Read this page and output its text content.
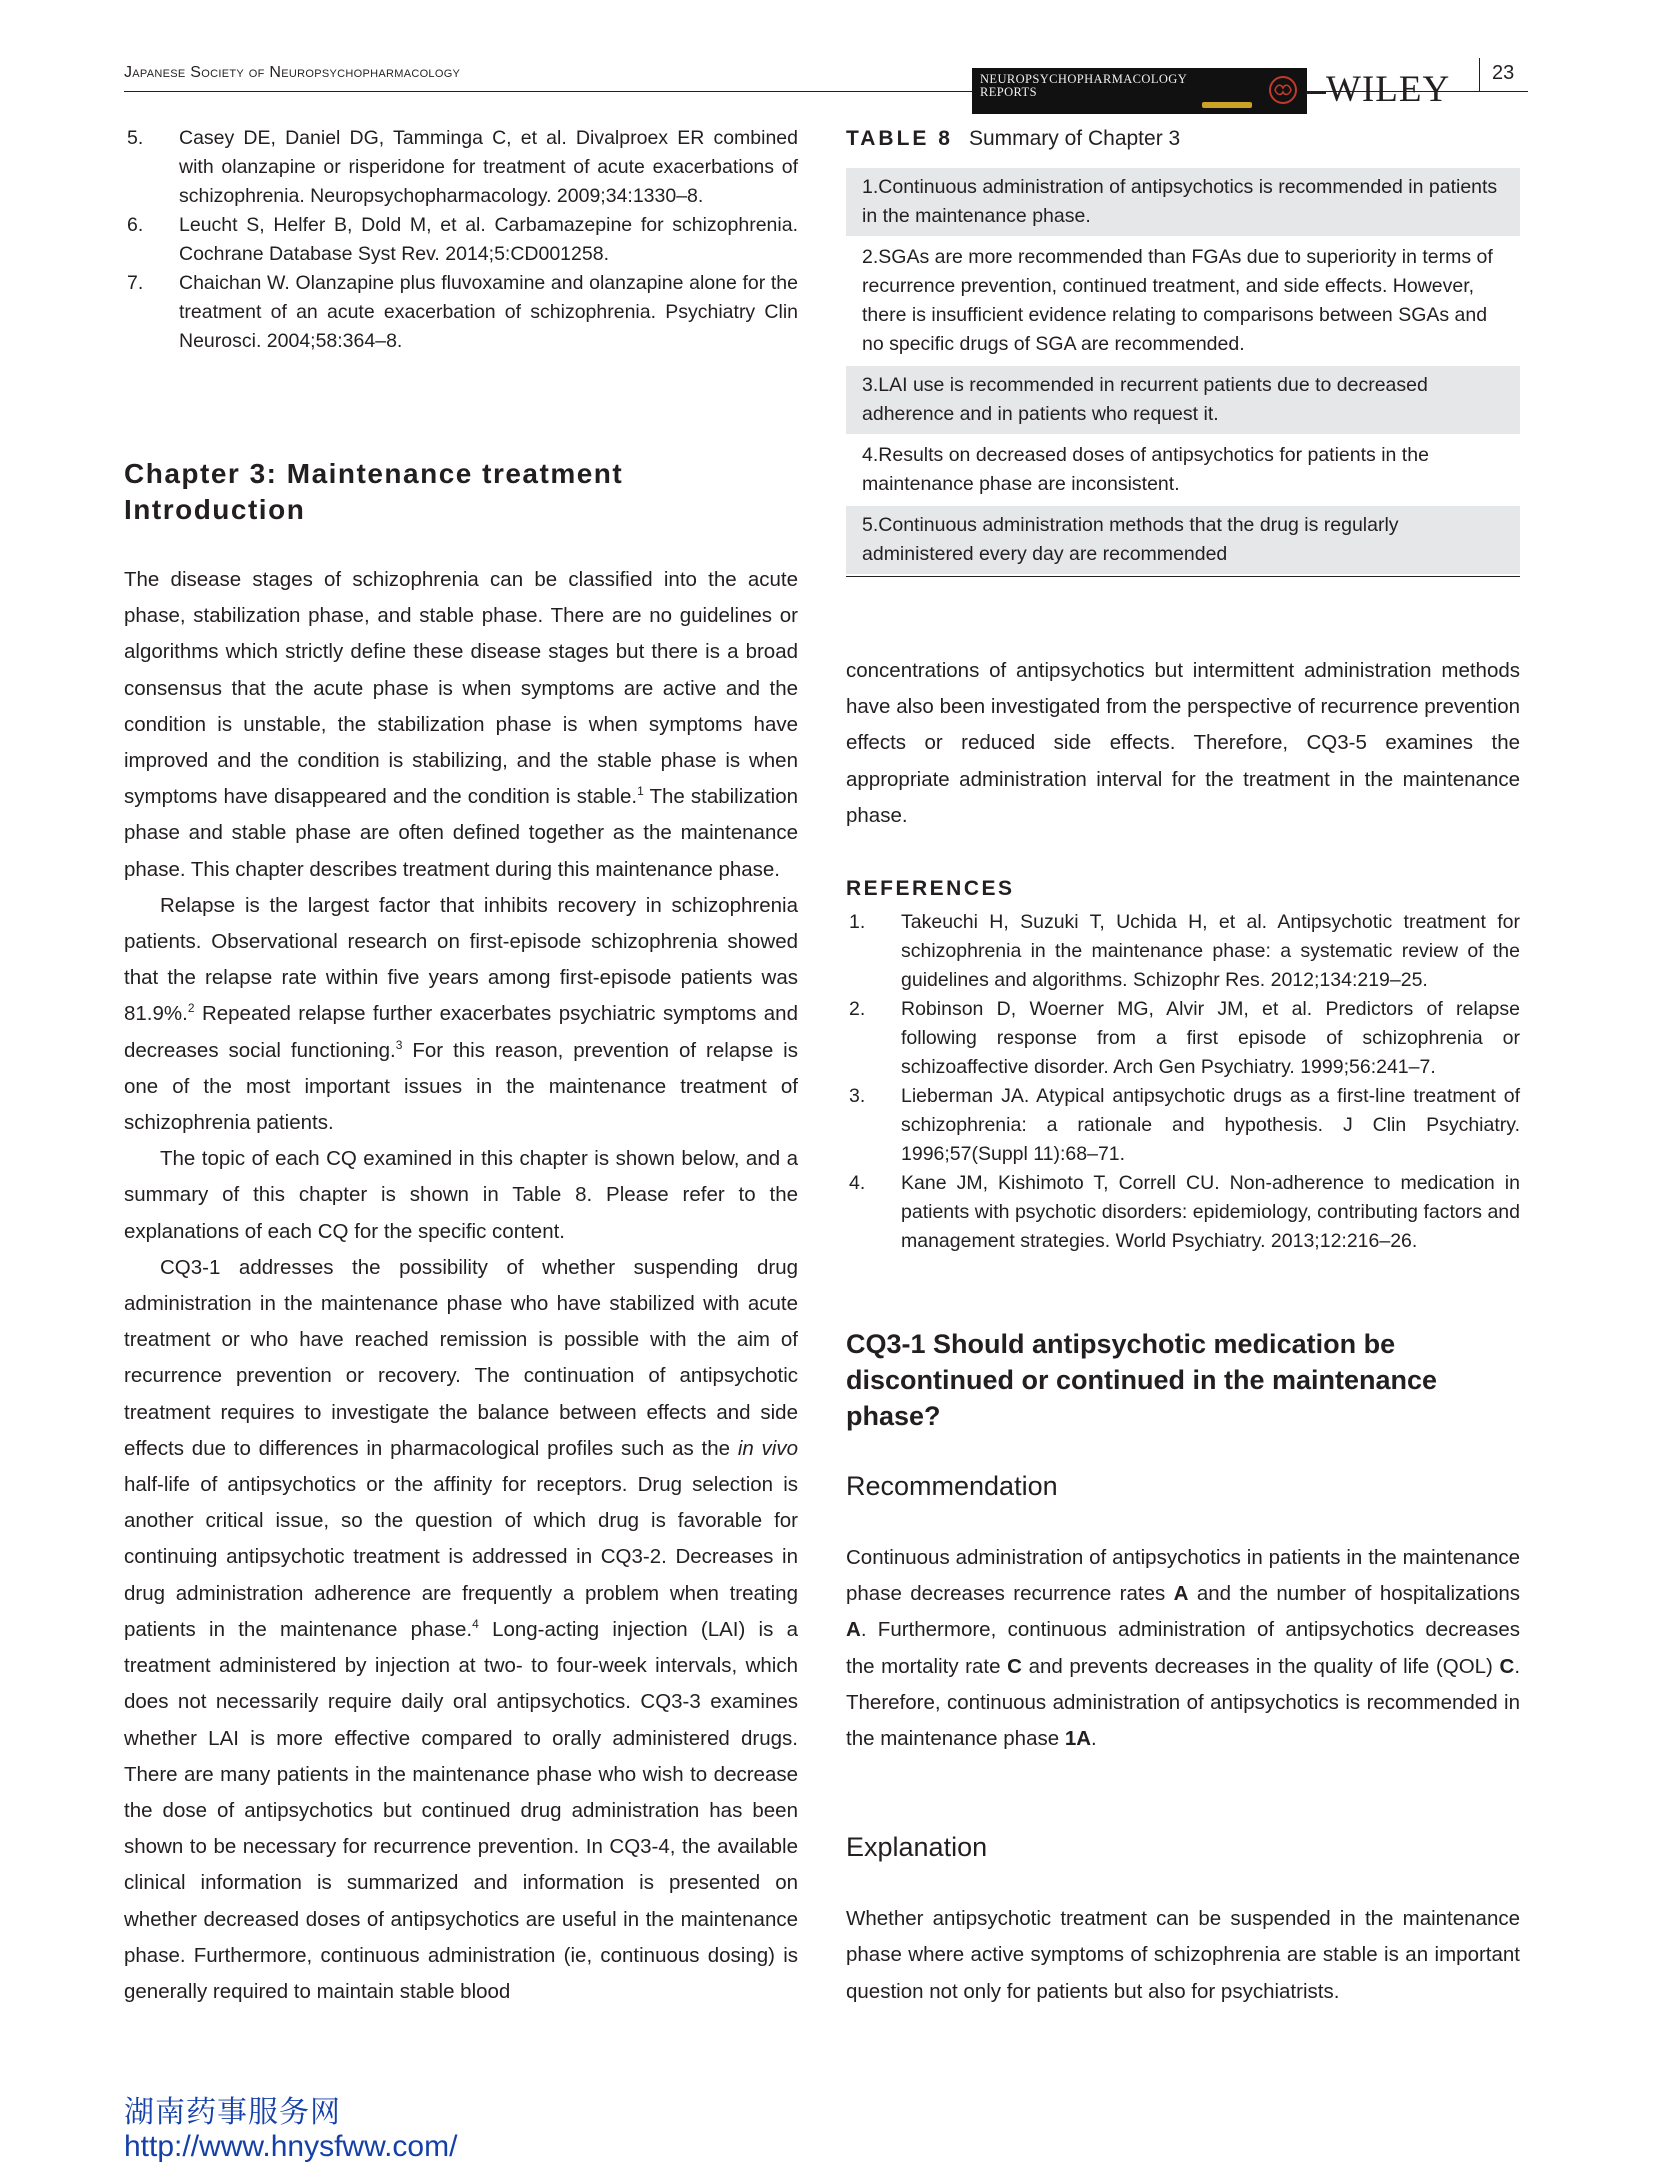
Japanese Society of Neuropsychopharmacology	NEUROPSYCHOPHARMACOLOGY REPORTS	WILEY 23
5. Casey DE, Daniel DG, Tamminga C, et al. Divalproex ER combined with olanzapine or risperidone for treatment of acute exacerbations of schizophrenia. Neuropsychopharmacology. 2009;34:1330–8.
6. Leucht S, Helfer B, Dold M, et al. Carbamazepine for schizophrenia. Cochrane Database Syst Rev. 2014;5:CD001258.
7. Chaichan W. Olanzapine plus fluvoxamine and olanzapine alone for the treatment of an acute exacerbation of schizophrenia. Psychiatry Clin Neurosci. 2004;58:364–8.
Chapter 3: Maintenance treatment
Introduction

The disease stages of schizophrenia can be classified into the acute phase, stabilization phase, and stable phase. There are no guidelines or algorithms which strictly define these disease stages but there is a broad consensus that the acute phase is when symptoms are active and the condition is unstable, the stabilization phase is when symptoms have improved and the condition is stabilizing, and the stable phase is when symptoms have disappeared and the condition is stable.$^1$ The stabilization phase and stable phase are often defined together as the maintenance phase. This chapter describes treatment during this maintenance phase.

Relapse is the largest factor that inhibits recovery in schizophrenia patients. Observational research on first-episode schizophrenia showed that the relapse rate within five years among first-episode patients was 81.9%.$^2$ Repeated relapse further exacerbates psychiatric symptoms and decreases social functioning.$^3$ For this reason, prevention of relapse is one of the most important issues in the maintenance treatment of schizophrenia patients.

The topic of each CQ examined in this chapter is shown below, and a summary of this chapter is shown in Table 8. Please refer to the explanations of each CQ for the specific content.

CQ3-1 addresses the possibility of whether suspending drug administration in the maintenance phase who have stabilized with acute treatment or who have reached remission is possible with the aim of recurrence prevention or recovery. The continuation of antipsychotic treatment requires to investigate the balance between effects and side effects due to differences in pharmacological profiles such as the in vivo half-life of antipsychotics or the affinity for receptors. Drug selection is another critical issue, so the question of which drug is favorable for continuing antipsychotic treatment is addressed in CQ3-2. Decreases in drug administration adherence are frequently a problem when treating patients in the maintenance phase.$^4$ Long-acting injection (LAI) is a treatment administered by injection at two- to four-week intervals, which does not necessarily require daily oral antipsychotics. CQ3-3 examines whether LAI is more effective compared to orally administered drugs. There are many patients in the maintenance phase who wish to decrease the dose of antipsychotics but continued drug administration has been shown to be necessary for recurrence prevention. In CQ3-4, the available clinical information is summarized and information is presented on whether decreased doses of antipsychotics are useful in the maintenance phase. Furthermore, continuous administration (ie, continuous dosing) is generally required to maintain stable blood

TABLE 8 Summary of Chapter 3
1.Continuous administration of antipsychotics is recommended in patients in the maintenance phase.
2.SGAs are more recommended than FGAs due to superiority in terms of recurrence prevention, continued treatment, and side effects. However, there is insufficient evidence relating to comparisons between SGAs and no specific drugs of SGA are recommended.
3.LAI use is recommended in recurrent patients due to decreased adherence and in patients who request it.
4.Results on decreased doses of antipsychotics for patients in the maintenance phase are inconsistent.
5.Continuous administration methods that the drug is regularly administered every day are recommended

concentrations of antipsychotics but intermittent administration methods have also been investigated from the perspective of recurrence prevention effects or reduced side effects. Therefore, CQ3-5 examines the appropriate administration interval for the treatment in the maintenance phase.

REFERENCES
1. Takeuchi H, Suzuki T, Uchida H, et al. Antipsychotic treatment for schizophrenia in the maintenance phase: a systematic review of the guidelines and algorithms. Schizophr Res. 2012;134:219–25.
2. Robinson D, Woerner MG, Alvir JM, et al. Predictors of relapse following response from a first episode of schizophrenia or schizoaffective disorder. Arch Gen Psychiatry. 1999;56:241–7.
3. Lieberman JA. Atypical antipsychotic drugs as a first-line treatment of schizophrenia: a rationale and hypothesis. J Clin Psychiatry. 1996;57(Suppl 11):68–71.
4. Kane JM, Kishimoto T, Correll CU. Non-adherence to medication in patients with psychotic disorders: epidemiology, contributing factors and management strategies. World Psychiatry. 2013;12:216–26.
CQ3-1 Should antipsychotic medication be
discontinued or continued in the maintenance phase?
Recommendation

Continuous administration of antipsychotics in patients in the maintenance phase decreases recurrence rates A and the number of hospitalizations A. Furthermore, continuous administration of antipsychotics decreases the mortality rate C and prevents decreases in the quality of life (QOL) C. Therefore, continuous administration of antipsychotics is recommended in the maintenance phase 1A.

Explanation

Whether antipsychotic treatment can be suspended in the maintenance phase where active symptoms of schizophrenia are stable is an important question not only for patients but also for psychiatrists.

湖南药事服务网
http://www.hnysfww.com/
